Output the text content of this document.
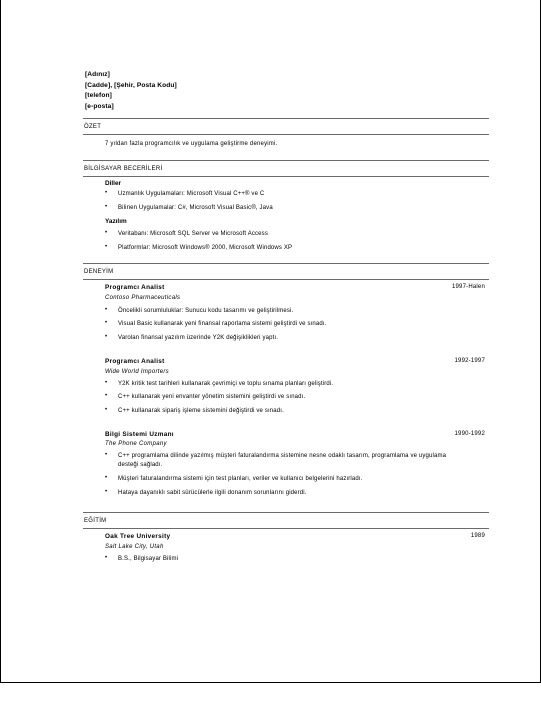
[Adınız]
[Cadde], [Şehir, Posta Kodu]
[telefon]
[e-posta]
ÖZET
7 yıldan fazla programcılık ve uygulama geliştirme deneyimi.
BİLGİSAYAR BECERİLERİ
Diller
• Uzmanlık Uygulamaları: Microsoft Visual C++® ve C
• Bilinen Uygulamalar: C#, Microsoft Visual Basic®, Java
Yazılım
• Veritabanı: Microsoft SQL Server ve Microsoft Access
• Platformlar: Microsoft Windows® 2000, Microsoft Windows XP
DENEYİM
Programcı Analist	1997-Halen
Contoso Pharmaceuticals
• Öncelikli sorumluluklar: Sunucu kodu tasarımı ve geliştirilmesi.
• Visual Basic kullanarak yeni finansal raporlama sistemi geliştirdi ve sınadı.
• Varolan finansal yazılım üzerinde Y2K değişiklikleri yaptı.
Programcı Analist	1992-1997
Wide World Importers
• Y2K kritik test tarihleri kullanarak çevrimiçi ve toplu sınama planları geliştirdi.
• C++ kullanarak yeni envanter yönetim sistemini geliştirdi ve sınadı.
• C++ kullanarak sipariş işleme sistemini değiştirdi ve sınadı.
Bilgi Sistemi Uzmanı	1990-1992
The Phone Company
• C++ programlama dilinde yazılmış müşteri faturalandırma sistemine nesne odaklı tasarım, programlama ve uygulama desteği sağladı.
• Müşteri faturalandırma sistemi için test planları, veriler ve kullanıcı belgelerini hazırladı.
• Hataya dayanıklı sabit sürücülerle ilgili donanım sorunlarını giderdi.
EĞİTİM
Oak Tree University	1989
Salt Lake City, Utah
• B.S., Bilgisayar Bilimi
